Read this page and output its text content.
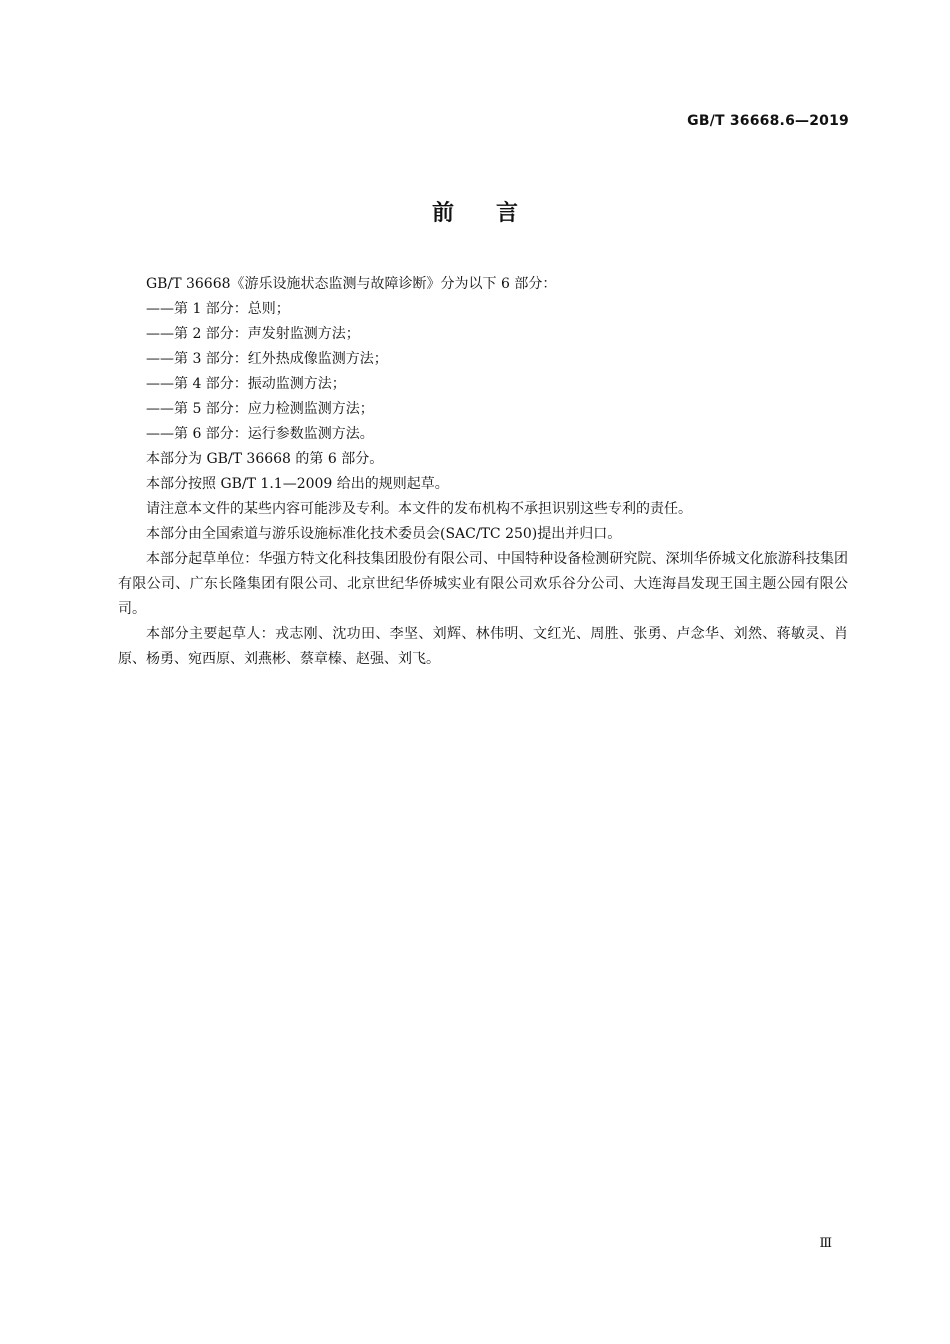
GB/T 36668.6—2019
前言

GB/T 36668《游乐设施状态监测与故障诊断》分为以下 6 部分：

——第 1 部分：总则；

——第 2 部分：声发射监测方法；

——第 3 部分：红外热成像监测方法；

——第 4 部分：振动监测方法；

——第 5 部分：应力检测监测方法；

——第 6 部分：运行参数监测方法。

本部分为 GB/T 36668 的第 6 部分。

本部分按照 GB/T 1.1—2009 给出的规则起草。

请注意本文件的某些内容可能涉及专利。本文件的发布机构不承担识别这些专利的责任。

本部分由全国索道与游乐设施标准化技术委员会(SAC/TC 250)提出并归口。

本部分起草单位：华强方特文化科技集团股份有限公司、中国特种设备检测研究院、深圳华侨城文化旅游科技集团有限公司、广东长隆集团有限公司、北京世纪华侨城实业有限公司欢乐谷分公司、大连海昌发现王国主题公园有限公司。

本部分主要起草人：戎志刚、沈功田、李坚、刘辉、林伟明、文红光、周胜、张勇、卢念华、刘然、蒋敏灵、肖原、杨勇、宛西原、刘燕彬、蔡章榛、赵强、刘飞。

Ⅲ
